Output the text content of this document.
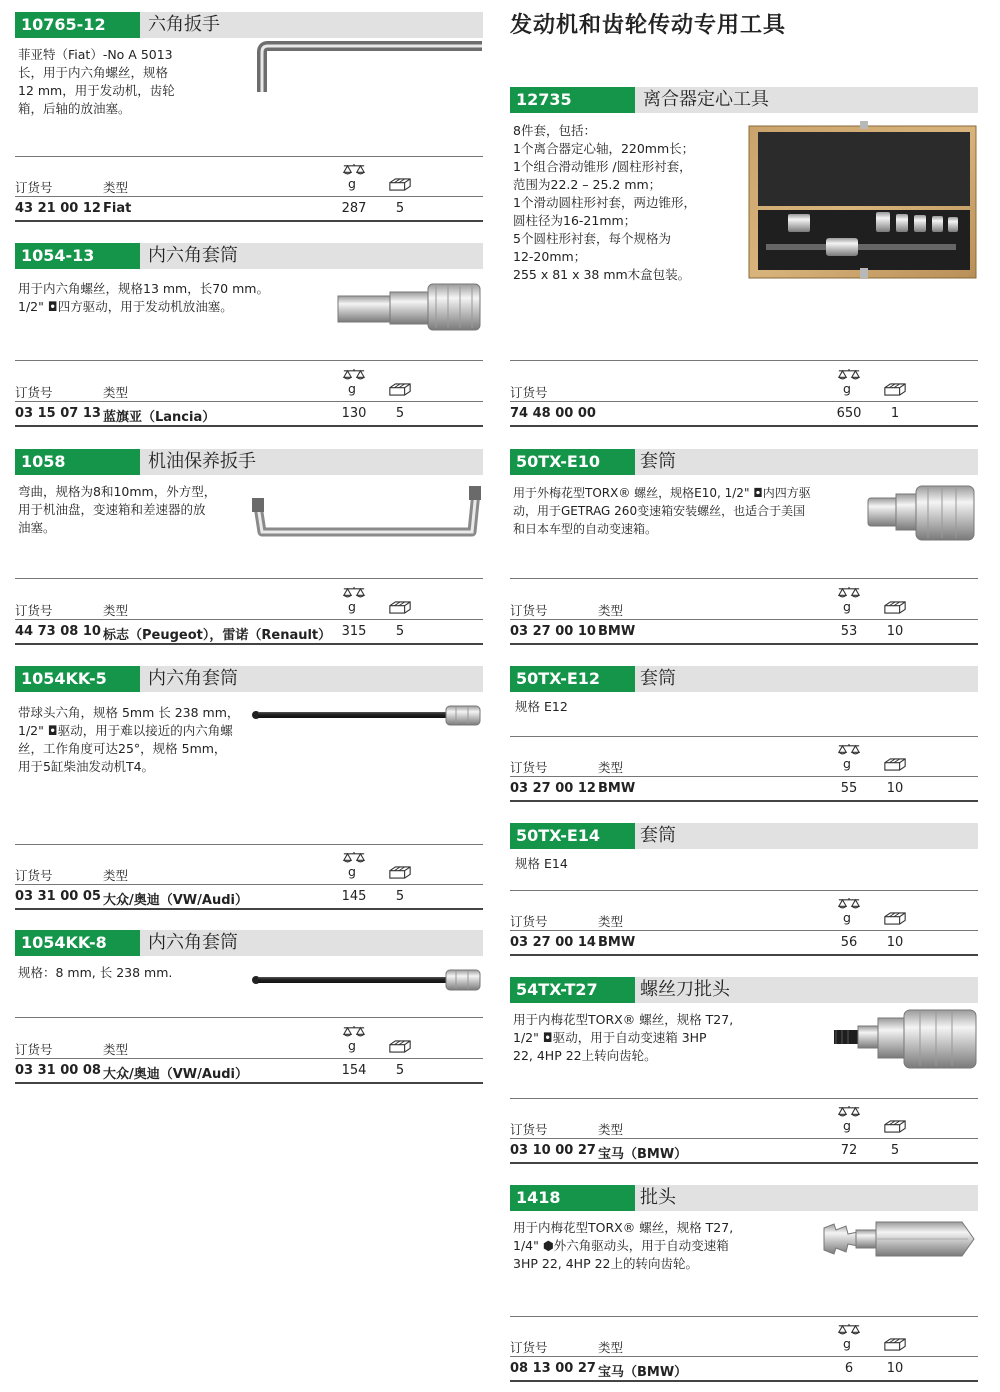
发动机和齿轮传动专用工具
10765-12	六角扳手
菲亚特（Fiat）-No A 5013
长，用于内六角螺丝，规格
12 mm，用于发动机，齿轮
箱，后轴的放油塞。
g
订货号	类型
43 21 00 12 Fiat	287	5
1054-13	内六角套筒
用于内六角螺丝，规格13 mm，长70 mm。
1/2" ◘四方驱动，用于发动机放油塞。
g
订货号	类型
03 15 07 13 蓝旗亚（Lancia）	130	5
1058	机油保养扳手
弯曲，规格为8和10mm，外方型，
用于机油盘，变速箱和差速器的放
油塞。
g
订货号	类型
44 73 08 10 标志（Peugeot），雷诺（Renault） 315	5
1054KK-5	内六角套筒
带球头六角，规格 5mm 长 238 mm，
1/2" ◘驱动，用于难以接近的内六角螺
丝，工作角度可达25°，规格 5mm，
用于5缸柴油发动机T4。
g
订货号	类型
03 31 00 05 大众/奥迪（VW/Audi）	145	5
1054KK-8	内六角套筒
规格：8 mm, 长 238 mm.
g
订货号	类型
03 31 00 08 大众/奥迪（VW/Audi）	154	5
12735	离合器定心工具
8件套，包括：
1个离合器定心轴，220mm长；
1个组合滑动锥形 /圆柱形衬套，
范围为22.2 – 25.2 mm；
1个滑动圆柱形衬套，两边锥形，
圆柱径为16-21mm；
5个圆柱形衬套，每个规格为
12-20mm；
255 x 81 x 38 mm木盒包装。
g
订货号
74 48 00 00	650	1
50TX-E10	套筒
用于外梅花型TORX® 螺丝，规格E10, 1/2" ◘内四方驱
动，用于GETRAG 260变速箱安装螺丝，也适合于美国
和日本车型的自动变速箱。
g
订货号	类型
03 27 00 10 BMW	53	10
50TX-E12	套筒
规格 E12
g
订货号	类型
03 27 00 12 BMW	55	10
50TX-E14	套筒
规格 E14
g
订货号	类型
03 27 00 14 BMW	56	10
54TX-T27	螺丝刀批头
用于内梅花型TORX® 螺丝，规格 T27,
1/2" ◘驱动，用于自动变速箱 3HP
22, 4HP 22上转向齿轮。
g
订货号	类型
03 10 00 27 宝马（BMW）	72	5
1418	批头
用于内梅花型TORX® 螺丝，规格 T27,
1/4" ⬢外六角驱动头，用于自动变速箱
3HP 22, 4HP 22上的转向齿轮。
g
订货号	类型
08 13 00 27 宝马（BMW）	6	10
